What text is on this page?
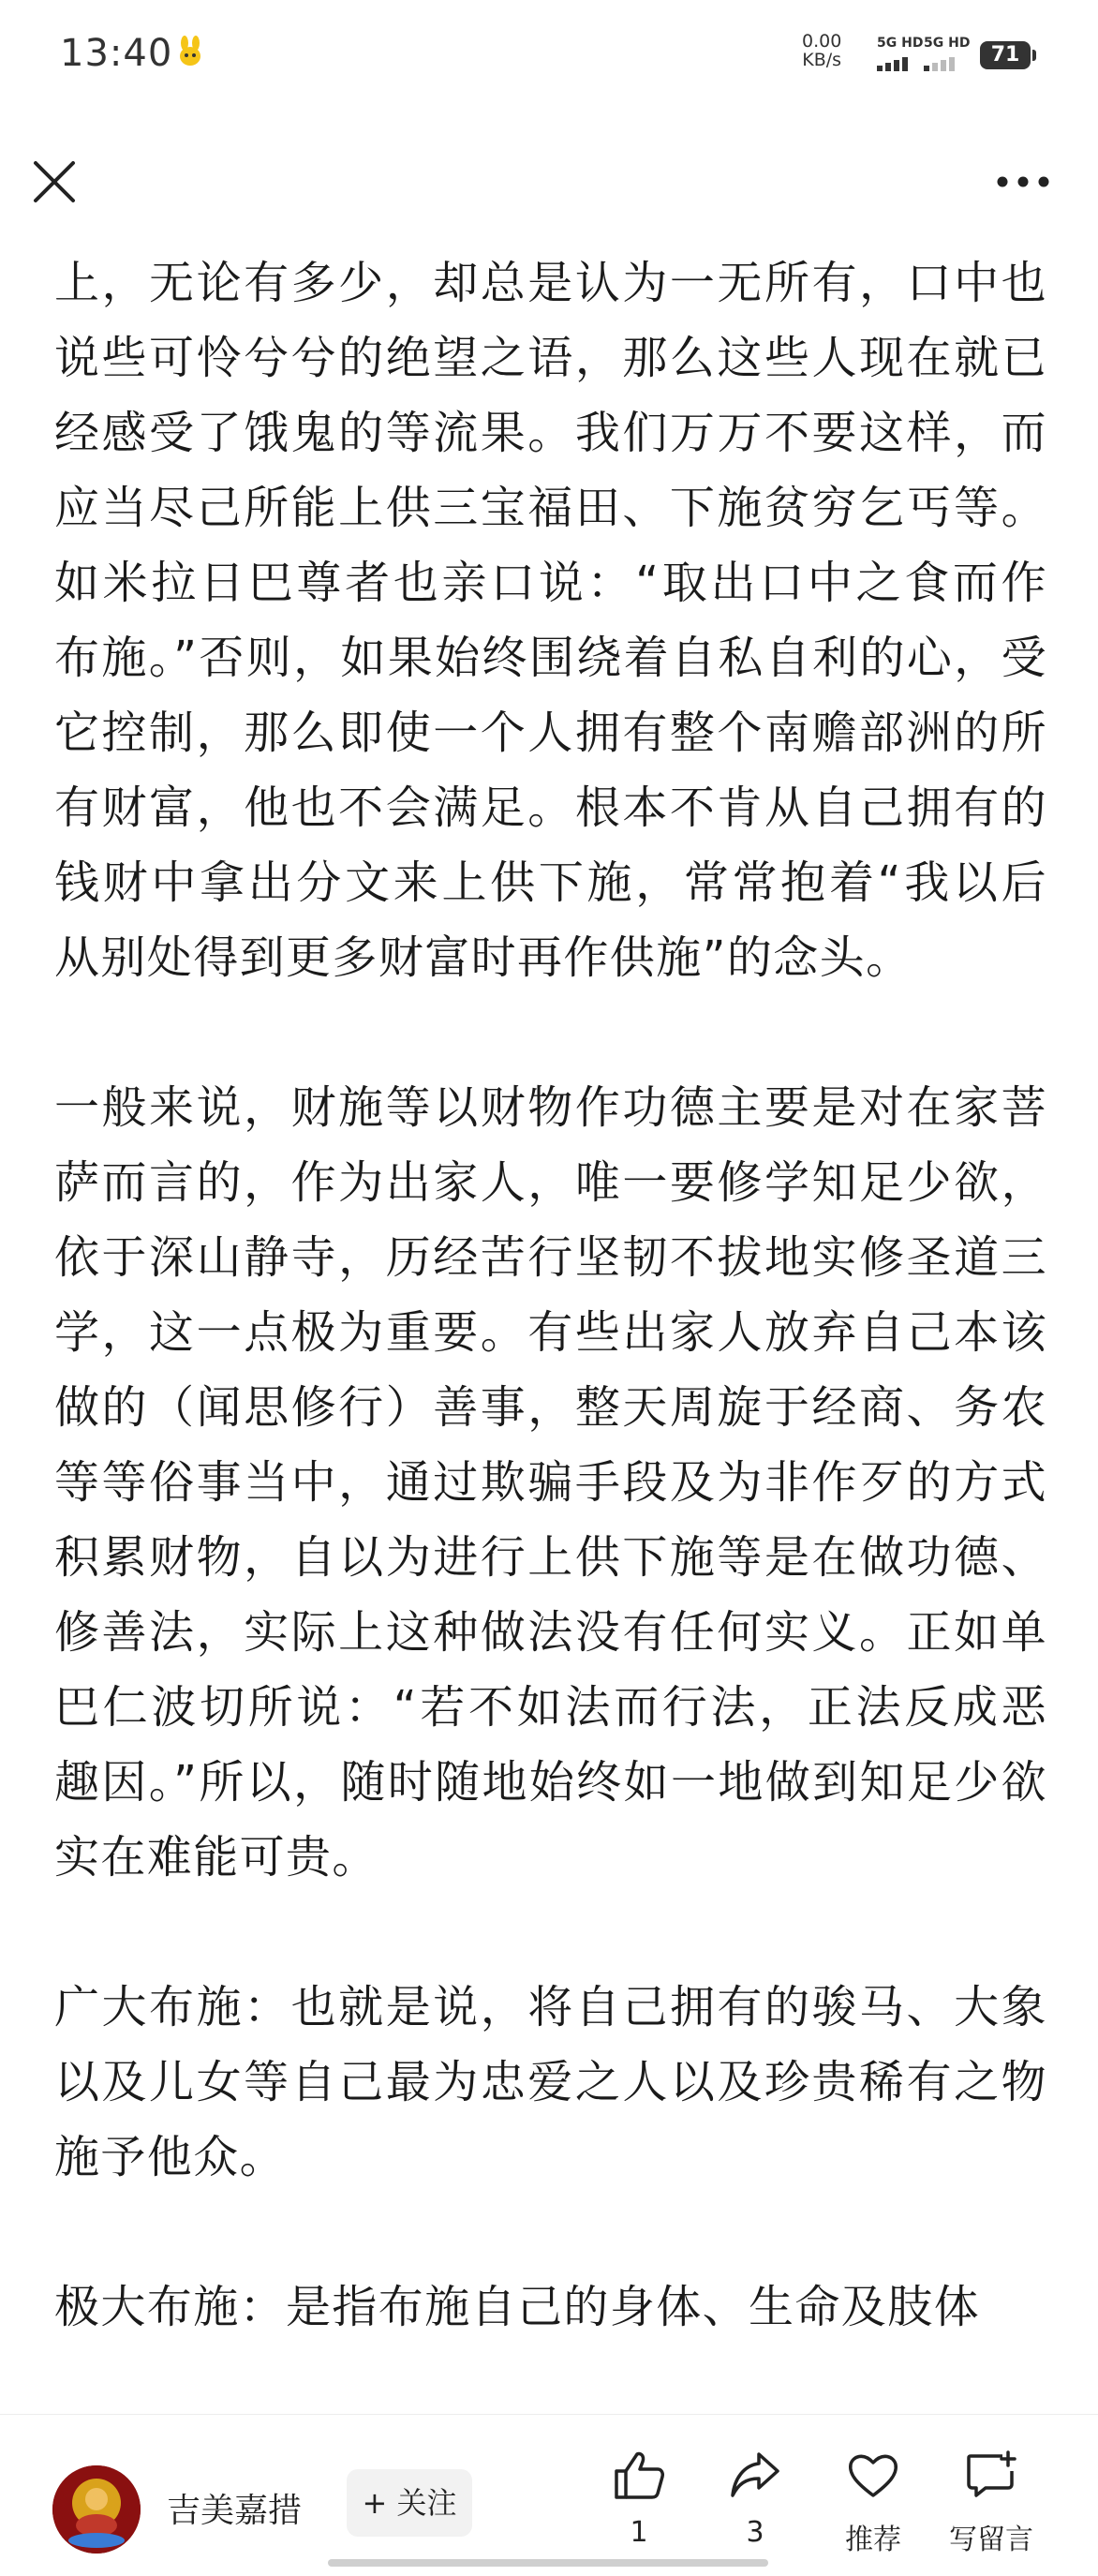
13:40	0.00
KB/s
5G HD 5G HD	71

上，无论有多少，却总是认为一无所有，口中也说些可怜兮兮的绝望之语，那么这些人现在就已经感受了饿鬼的等流果。我们万万不要这样，而应当尽己所能上供三宝福田、下施贫穷乞丐等。如米拉日巴尊者也亲口说：“取出口中之食而作布施。”否则，如果始终围绕着自私自利的心，受它控制，那么即使一个人拥有整个南赡部洲的所有财富，他也不会满足。根本不肯从自己拥有的钱财中拿出分文来上供下施，常常抱着“我以后从别处得到更多财富时再作供施”的念头。

一般来说，财施等以财物作功德主要是对在家菩萨而言的，作为出家人，唯一要修学知足少欲，依于深山静寺，历经苦行坚韧不拔地实修圣道三学，这一点极为重要。有些出家人放弃自己本该做的（闻思修行）善事，整天周旋于经商、务农等等俗事当中，通过欺骗手段及为非作歹的方式积累财物，自以为进行上供下施等是在做功德、修善法，实际上这种做法没有任何实义。正如单巴仁波切所说：“若不如法而行法，正法反成恶趣因。”所以，随时随地始终如一地做到知足少欲实在难能可贵。

广大布施：也就是说，将自己拥有的骏马、大象以及儿女等自己最为忠爱之人以及珍贵稀有之物施予他众。

极大布施：是指布施自己的身体、生命及肢体

吉美嘉措	+ 关注
1	3	推荐	写留言
